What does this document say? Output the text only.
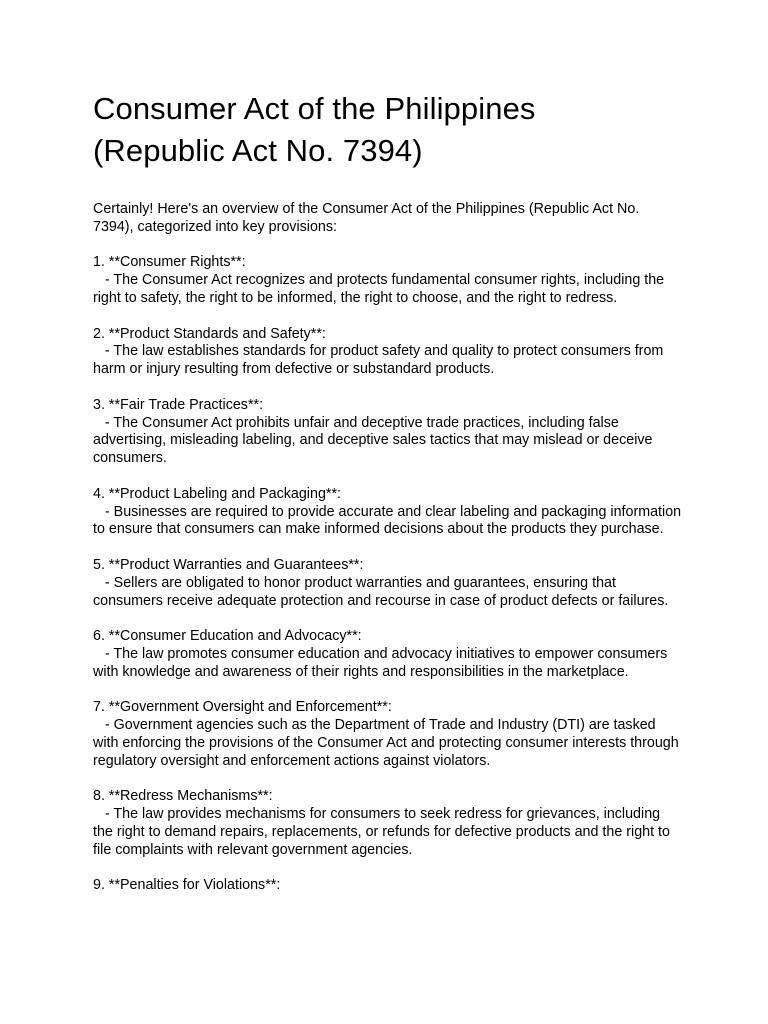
Consumer Act of the Philippines
(Republic Act No. 7394)

Certainly! Here's an overview of the Consumer Act of the Philippines (Republic Act No. 7394), categorized into key provisions:

1. **Consumer Rights**:

- The Consumer Act recognizes and protects fundamental consumer rights, including the right to safety, the right to be informed, the right to choose, and the right to redress.

2. **Product Standards and Safety**:

- The law establishes standards for product safety and quality to protect consumers from harm or injury resulting from defective or substandard products.

3. **Fair Trade Practices**:

- The Consumer Act prohibits unfair and deceptive trade practices, including false advertising, misleading labeling, and deceptive sales tactics that may mislead or deceive consumers.

4. **Product Labeling and Packaging**:

- Businesses are required to provide accurate and clear labeling and packaging information to ensure that consumers can make informed decisions about the products they purchase.

5. **Product Warranties and Guarantees**:

- Sellers are obligated to honor product warranties and guarantees, ensuring that consumers receive adequate protection and recourse in case of product defects or failures.

6. **Consumer Education and Advocacy**:

- The law promotes consumer education and advocacy initiatives to empower consumers with knowledge and awareness of their rights and responsibilities in the marketplace.

7. **Government Oversight and Enforcement**:

- Government agencies such as the Department of Trade and Industry (DTI) are tasked with enforcing the provisions of the Consumer Act and protecting consumer interests through regulatory oversight and enforcement actions against violators.

8. **Redress Mechanisms**:

- The law provides mechanisms for consumers to seek redress for grievances, including the right to demand repairs, replacements, or refunds for defective products and the right to file complaints with relevant government agencies.

9. **Penalties for Violations**:
